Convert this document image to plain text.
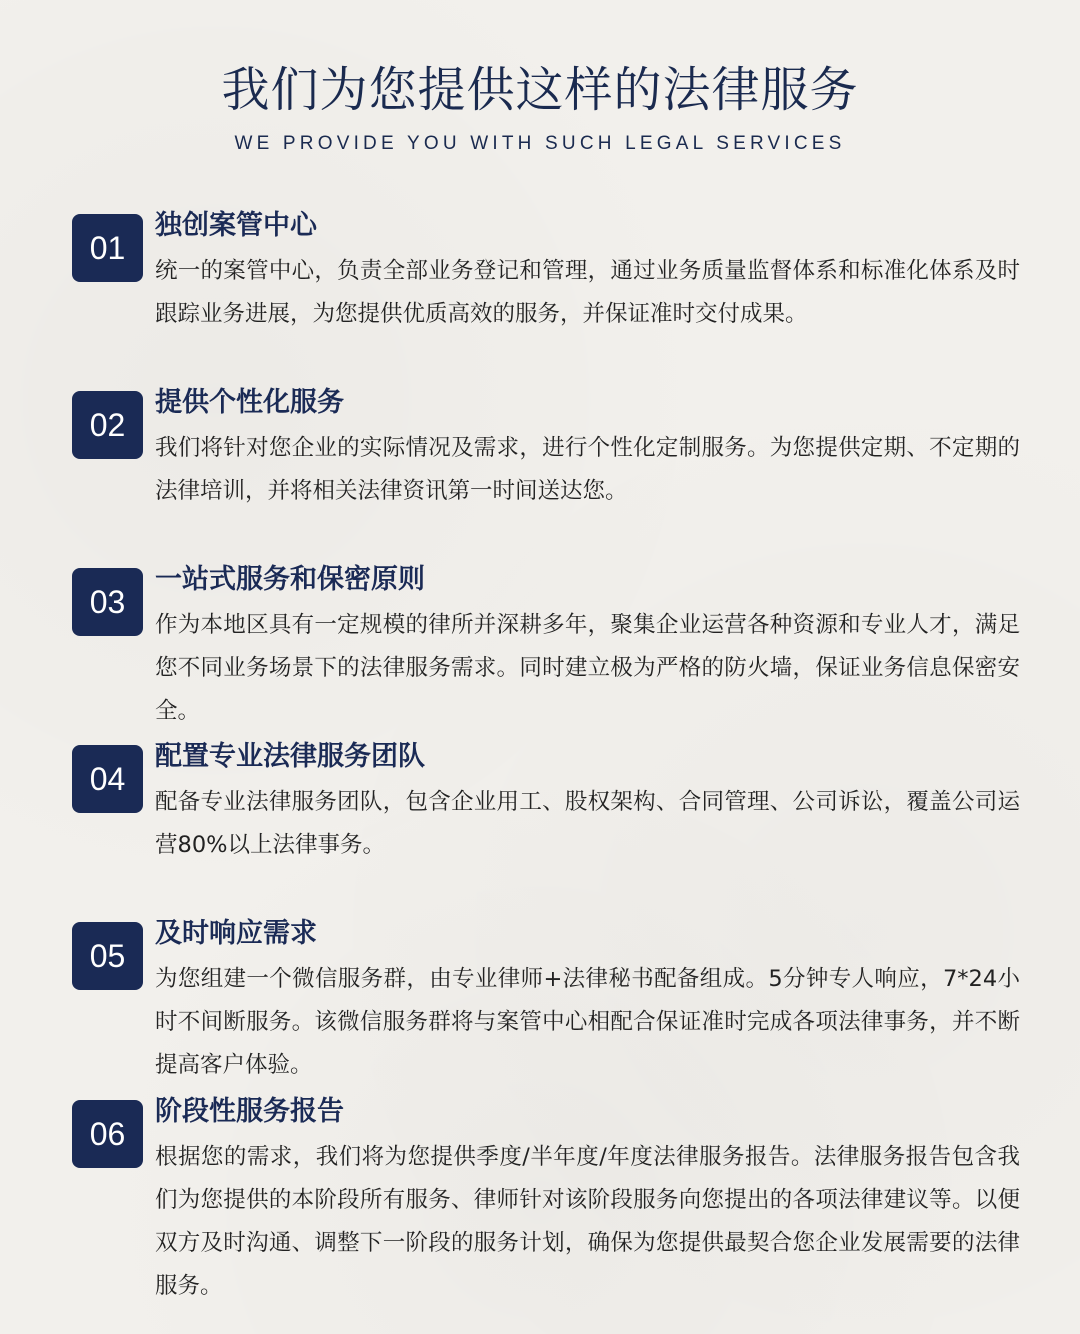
我们为您提供这样的法律服务
WE PROVIDE YOU WITH SUCH LEGAL SERVICES
01
独创案管中心
统一的案管中心，负责全部业务登记和管理，通过业务质量监督体系和标准化体系及时跟踪业务进展，为您提供优质高效的服务，并保证准时交付成果。
02
提供个性化服务
我们将针对您企业的实际情况及需求，进行个性化定制服务。为您提供定期、不定期的法律培训，并将相关法律资讯第一时间送达您。
03
一站式服务和保密原则
作为本地区具有一定规模的律所并深耕多年，聚集企业运营各种资源和专业人才，满足您不同业务场景下的法律服务需求。同时建立极为严格的防火墙，保证业务信息保密安全。
04
配置专业法律服务团队
配备专业法律服务团队，包含企业用工、股权架构、合同管理、公司诉讼，覆盖公司运营80%以上法律事务。
05
及时响应需求
为您组建一个微信服务群，由专业律师+法律秘书配备组成。5分钟专人响应，7*24小时不间断服务。该微信服务群将与案管中心相配合保证准时完成各项法律事务，并不断提高客户体验。
06
阶段性服务报告
根据您的需求，我们将为您提供季度/半年度/年度法律服务报告。法律服务报告包含我们为您提供的本阶段所有服务、律师针对该阶段服务向您提出的各项法律建议等。以便双方及时沟通、调整下一阶段的服务计划，确保为您提供最契合您企业发展需要的法律服务。
